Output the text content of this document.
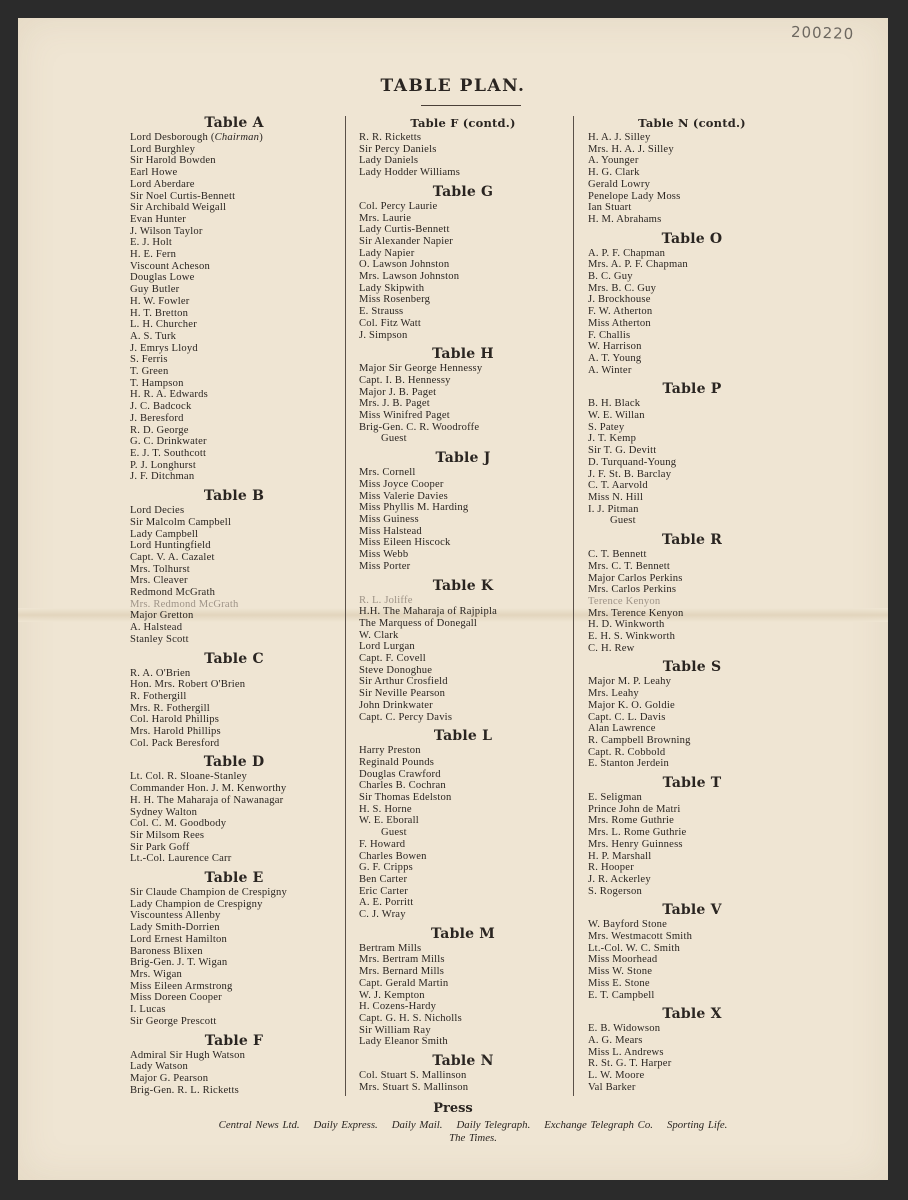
200220
TABLE PLAN.
Table A
Lord Desborough (Chairman)
Lord Burghley
Sir Harold Bowden
Earl Howe
Lord Aberdare
Sir Noel Curtis-Bennett
Sir Archibald Weigall
Evan Hunter
J. Wilson Taylor
E. J. Holt
H. E. Fern
Viscount Acheson
Douglas Lowe
Guy Butler
H. W. Fowler
H. T. Bretton
L. H. Churcher
A. S. Turk
J. Emrys Lloyd
S. Ferris
T. Green
T. Hampson
H. R. A. Edwards
J. C. Badcock
J. Beresford
R. D. George
G. C. Drinkwater
E. J. T. Southcott
P. J. Longhurst
J. F. Ditchman
Table B
Lord Decies
Sir Malcolm Campbell
Lady Campbell
Lord Huntingfield
Capt. V. A. Cazalet
Mrs. Tolhurst
Mrs. Cleaver
Redmond McGrath
Mrs. Redmond McGrath
Major Gretton
A. Halstead
Stanley Scott
Table C
R. A. O'Brien
Hon. Mrs. Robert O'Brien
R. Fothergill
Mrs. R. Fothergill
Col. Harold Phillips
Mrs. Harold Phillips
Col. Pack Beresford
Table D
Lt. Col. R. Sloane-Stanley
Commander Hon. J. M. Kenworthy
H. H. The Maharaja of Nawanagar
Sydney Walton
Col. C. M. Goodbody
Sir Milsom Rees
Sir Park Goff
Lt.-Col. Laurence Carr
Table E
Sir Claude Champion de Crespigny
Lady Champion de Crespigny
Viscountess Allenby
Lady Smith-Dorrien
Lord Ernest Hamilton
Baroness Blixen
Brig-Gen. J. T. Wigan
Mrs. Wigan
Miss Eileen Armstrong
Miss Doreen Cooper
I. Lucas
Sir George Prescott
Table F
Admiral Sir Hugh Watson
Lady Watson
Major G. Pearson
Brig-Gen. R. L. Ricketts
Table F (contd.)
R. R. Ricketts
Sir Percy Daniels
Lady Daniels
Lady Hodder Williams
Table G
Col. Percy Laurie
Mrs. Laurie
Lady Curtis-Bennett
Sir Alexander Napier
Lady Napier
O. Lawson Johnston
Mrs. Lawson Johnston
Lady Skipwith
Miss Rosenberg
E. Strauss
Col. Fitz Watt
J. Simpson
Table H
Major Sir George Hennessy
Capt. I. B. Hennessy
Major J. B. Paget
Mrs. J. B. Paget
Miss Winifred Paget
Brig-Gen. C. R. Woodroffe
Guest
Table J
Mrs. Cornell
Miss Joyce Cooper
Miss Valerie Davies
Miss Phyllis M. Harding
Miss Guiness
Miss Halstead
Miss Eileen Hiscock
Miss Webb
Miss Porter
Table K
R. L. Joliffe
H.H. The Maharaja of Rajpipla
The Marquess of Donegall
W. Clark
Lord Lurgan
Capt. F. Covell
Steve Donoghue
Sir Arthur Crosfield
Sir Neville Pearson
John Drinkwater
Capt. C. Percy Davis
Table L
Harry Preston
Reginald Pounds
Douglas Crawford
Charles B. Cochran
Sir Thomas Edelston
H. S. Horne
W. E. Eborall
Guest
F. Howard
Charles Bowen
G. F. Cripps
Ben Carter
Eric Carter
A. E. Porritt
C. J. Wray
Table M
Bertram Mills
Mrs. Bertram Mills
Mrs. Bernard Mills
Capt. Gerald Martin
W. J. Kempton
H. Cozens-Hardy
Capt. G. H. S. Nicholls
Sir William Ray
Lady Eleanor Smith
Table N
Col. Stuart S. Mallinson
Mrs. Stuart S. Mallinson
Table N (contd.)
H. A. J. Silley
Mrs. H. A. J. Silley
A. Younger
H. G. Clark
Gerald Lowry
Penelope Lady Moss
Ian Stuart
H. M. Abrahams
Table O
A. P. F. Chapman
Mrs. A. P. F. Chapman
B. C. Guy
Mrs. B. C. Guy
J. Brockhouse
F. W. Atherton
Miss Atherton
F. Challis
W. Harrison
A. T. Young
A. Winter
Table P
B. H. Black
W. E. Willan
S. Patey
J. T. Kemp
Sir T. G. Devitt
D. Turquand-Young
J. F. St. B. Barclay
C. T. Aarvold
Miss N. Hill
I. J. Pitman
Guest
Table R
C. T. Bennett
Mrs. C. T. Bennett
Major Carlos Perkins
Mrs. Carlos Perkins
Terence Kenyon
Mrs. Terence Kenyon
H. D. Winkworth
E. H. S. Winkworth
C. H. Rew
Table S
Major M. P. Leahy
Mrs. Leahy
Major K. O. Goldie
Capt. C. L. Davis
Alan Lawrence
R. Campbell Browning
Capt. R. Cobbold
E. Stanton Jerdein
Table T
E. Seligman
Prince John de Matri
Mrs. Rome Guthrie
Mrs. L. Rome Guthrie
Mrs. Henry Guinness
H. P. Marshall
R. Hooper
J. R. Ackerley
S. Rogerson
Table V
W. Bayford Stone
Mrs. Westmacott Smith
Lt.-Col. W. C. Smith
Miss Moorhead
Miss W. Stone
Miss E. Stone
E. T. Campbell
Table X
E. B. Widowson
A. G. Mears
Miss L. Andrews
R. St. G. T. Harper
L. W. Moore
Val Barker
Press
Central News Ltd. Daily Express. Daily Mail. Daily Telegraph. Exchange Telegraph Co. Sporting Life.
The Times.
